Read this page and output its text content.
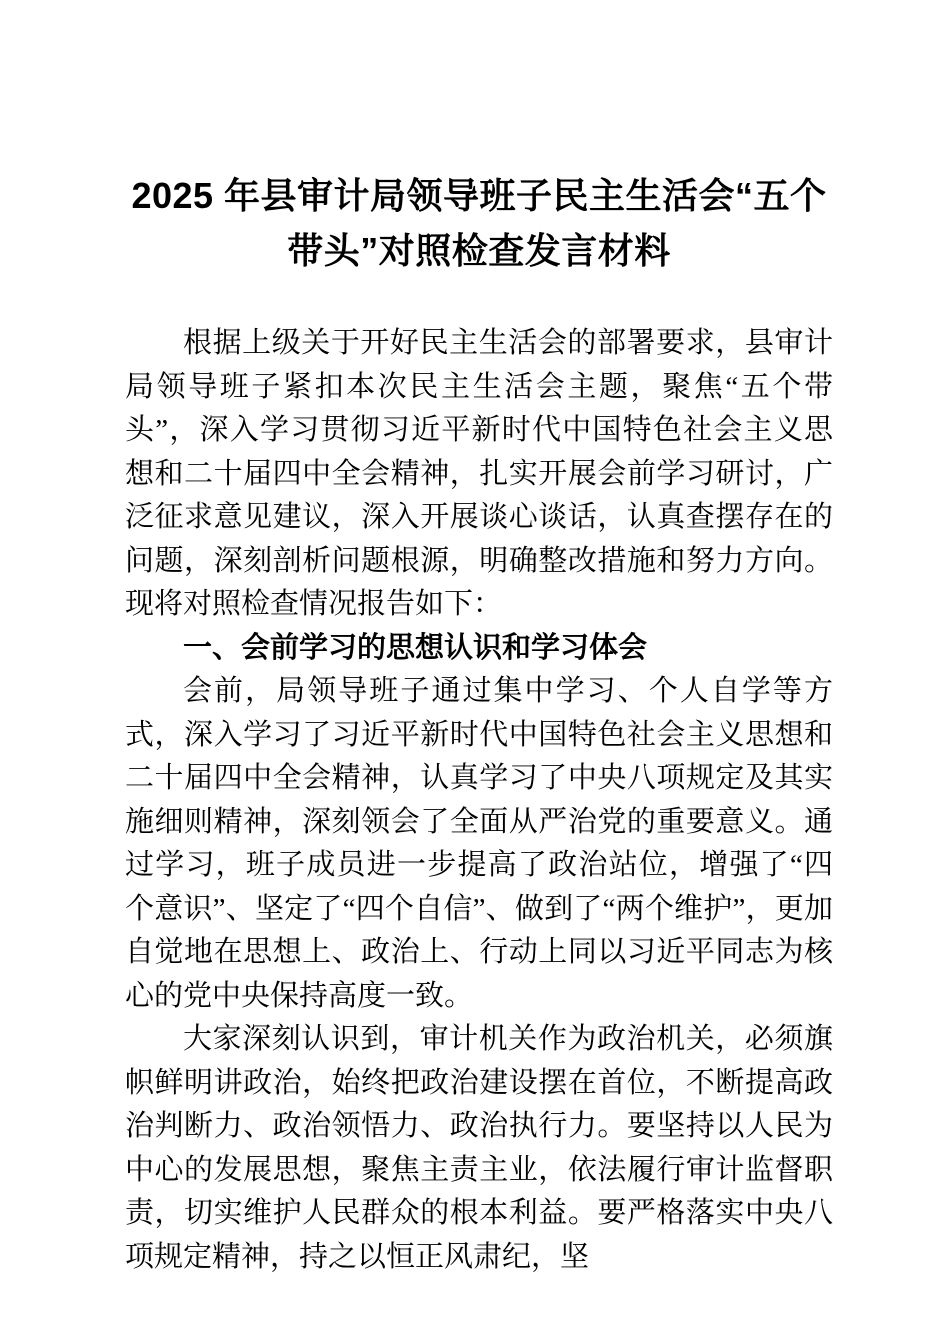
2025 年县审计局领导班子民主生活会“五个
带头”对照检查发言材料

根据上级关于开好民主生活会的部署要求，县审计局领导班子紧扣本次民主生活会主题，聚焦“五个带头”，深入学习贯彻习近平新时代中国特色社会主义思想和二十届四中全会精神，扎实开展会前学习研讨，广泛征求意见建议，深入开展谈心谈话，认真查摆存在的问题，深刻剖析问题根源，明确整改措施和努力方向。现将对照检查情况报告如下：

一、会前学习的思想认识和学习体会

会前，局领导班子通过集中学习、个人自学等方式，深入学习了习近平新时代中国特色社会主义思想和二十届四中全会精神，认真学习了中央八项规定及其实施细则精神，深刻领会了全面从严治党的重要意义。通过学习，班子成员进一步提高了政治站位，增强了“四个意识”、坚定了“四个自信”、做到了“两个维护”，更加自觉地在思想上、政治上、行动上同以习近平同志为核心的党中央保持高度一致。

大家深刻认识到，审计机关作为政治机关，必须旗帜鲜明讲政治，始终把政治建设摆在首位，不断提高政治判断力、政治领悟力、政治执行力。要坚持以人民为中心的发展思想，聚焦主责主业，依法履行审计监督职责，切实维护人民群众的根本利益。要严格落实中央八项规定精神，持之以恒正风肃纪，坚
